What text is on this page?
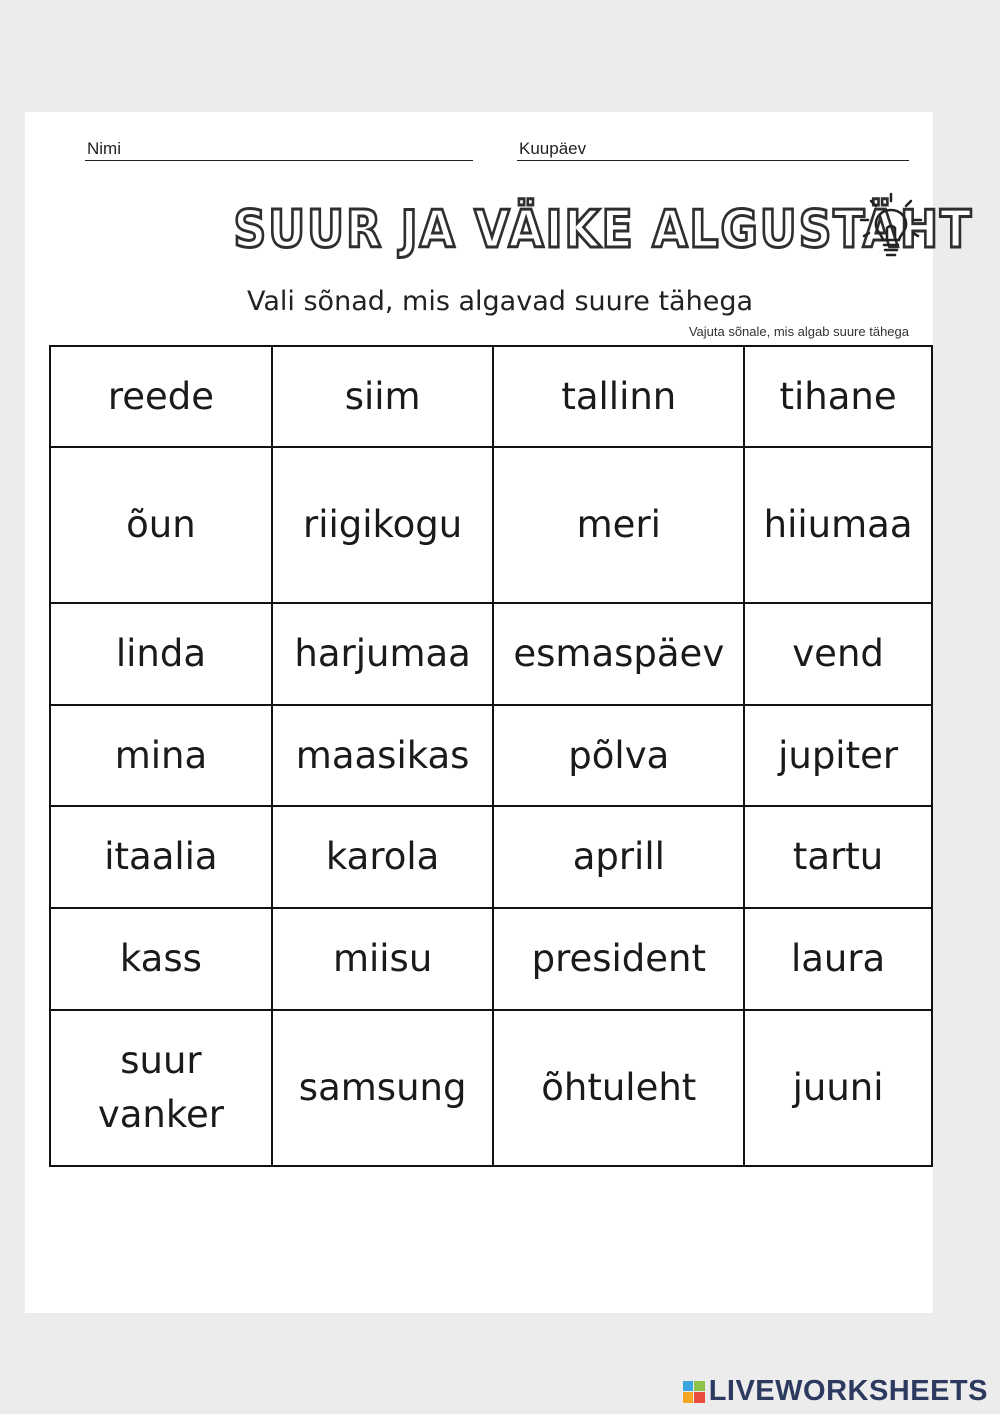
Nimi	Kuupäev
SUUR JA VÄIKE ALGUSTÄHT
Vali sõnad, mis algavad suure tähega
Vajuta sõnale, mis algab suure tähega
reede	siim	tallinn	tihane
õun	riigikogu	meri	hiiumaa
linda	harjumaa	esmaspäev	vend
mina	maasikas	põlva	jupiter
itaalia	karola	aprill	tartu
kass	miisu	president	laura
suur vanker	samsung	õhtuleht	juuni
LIVEWORKSHEETS
